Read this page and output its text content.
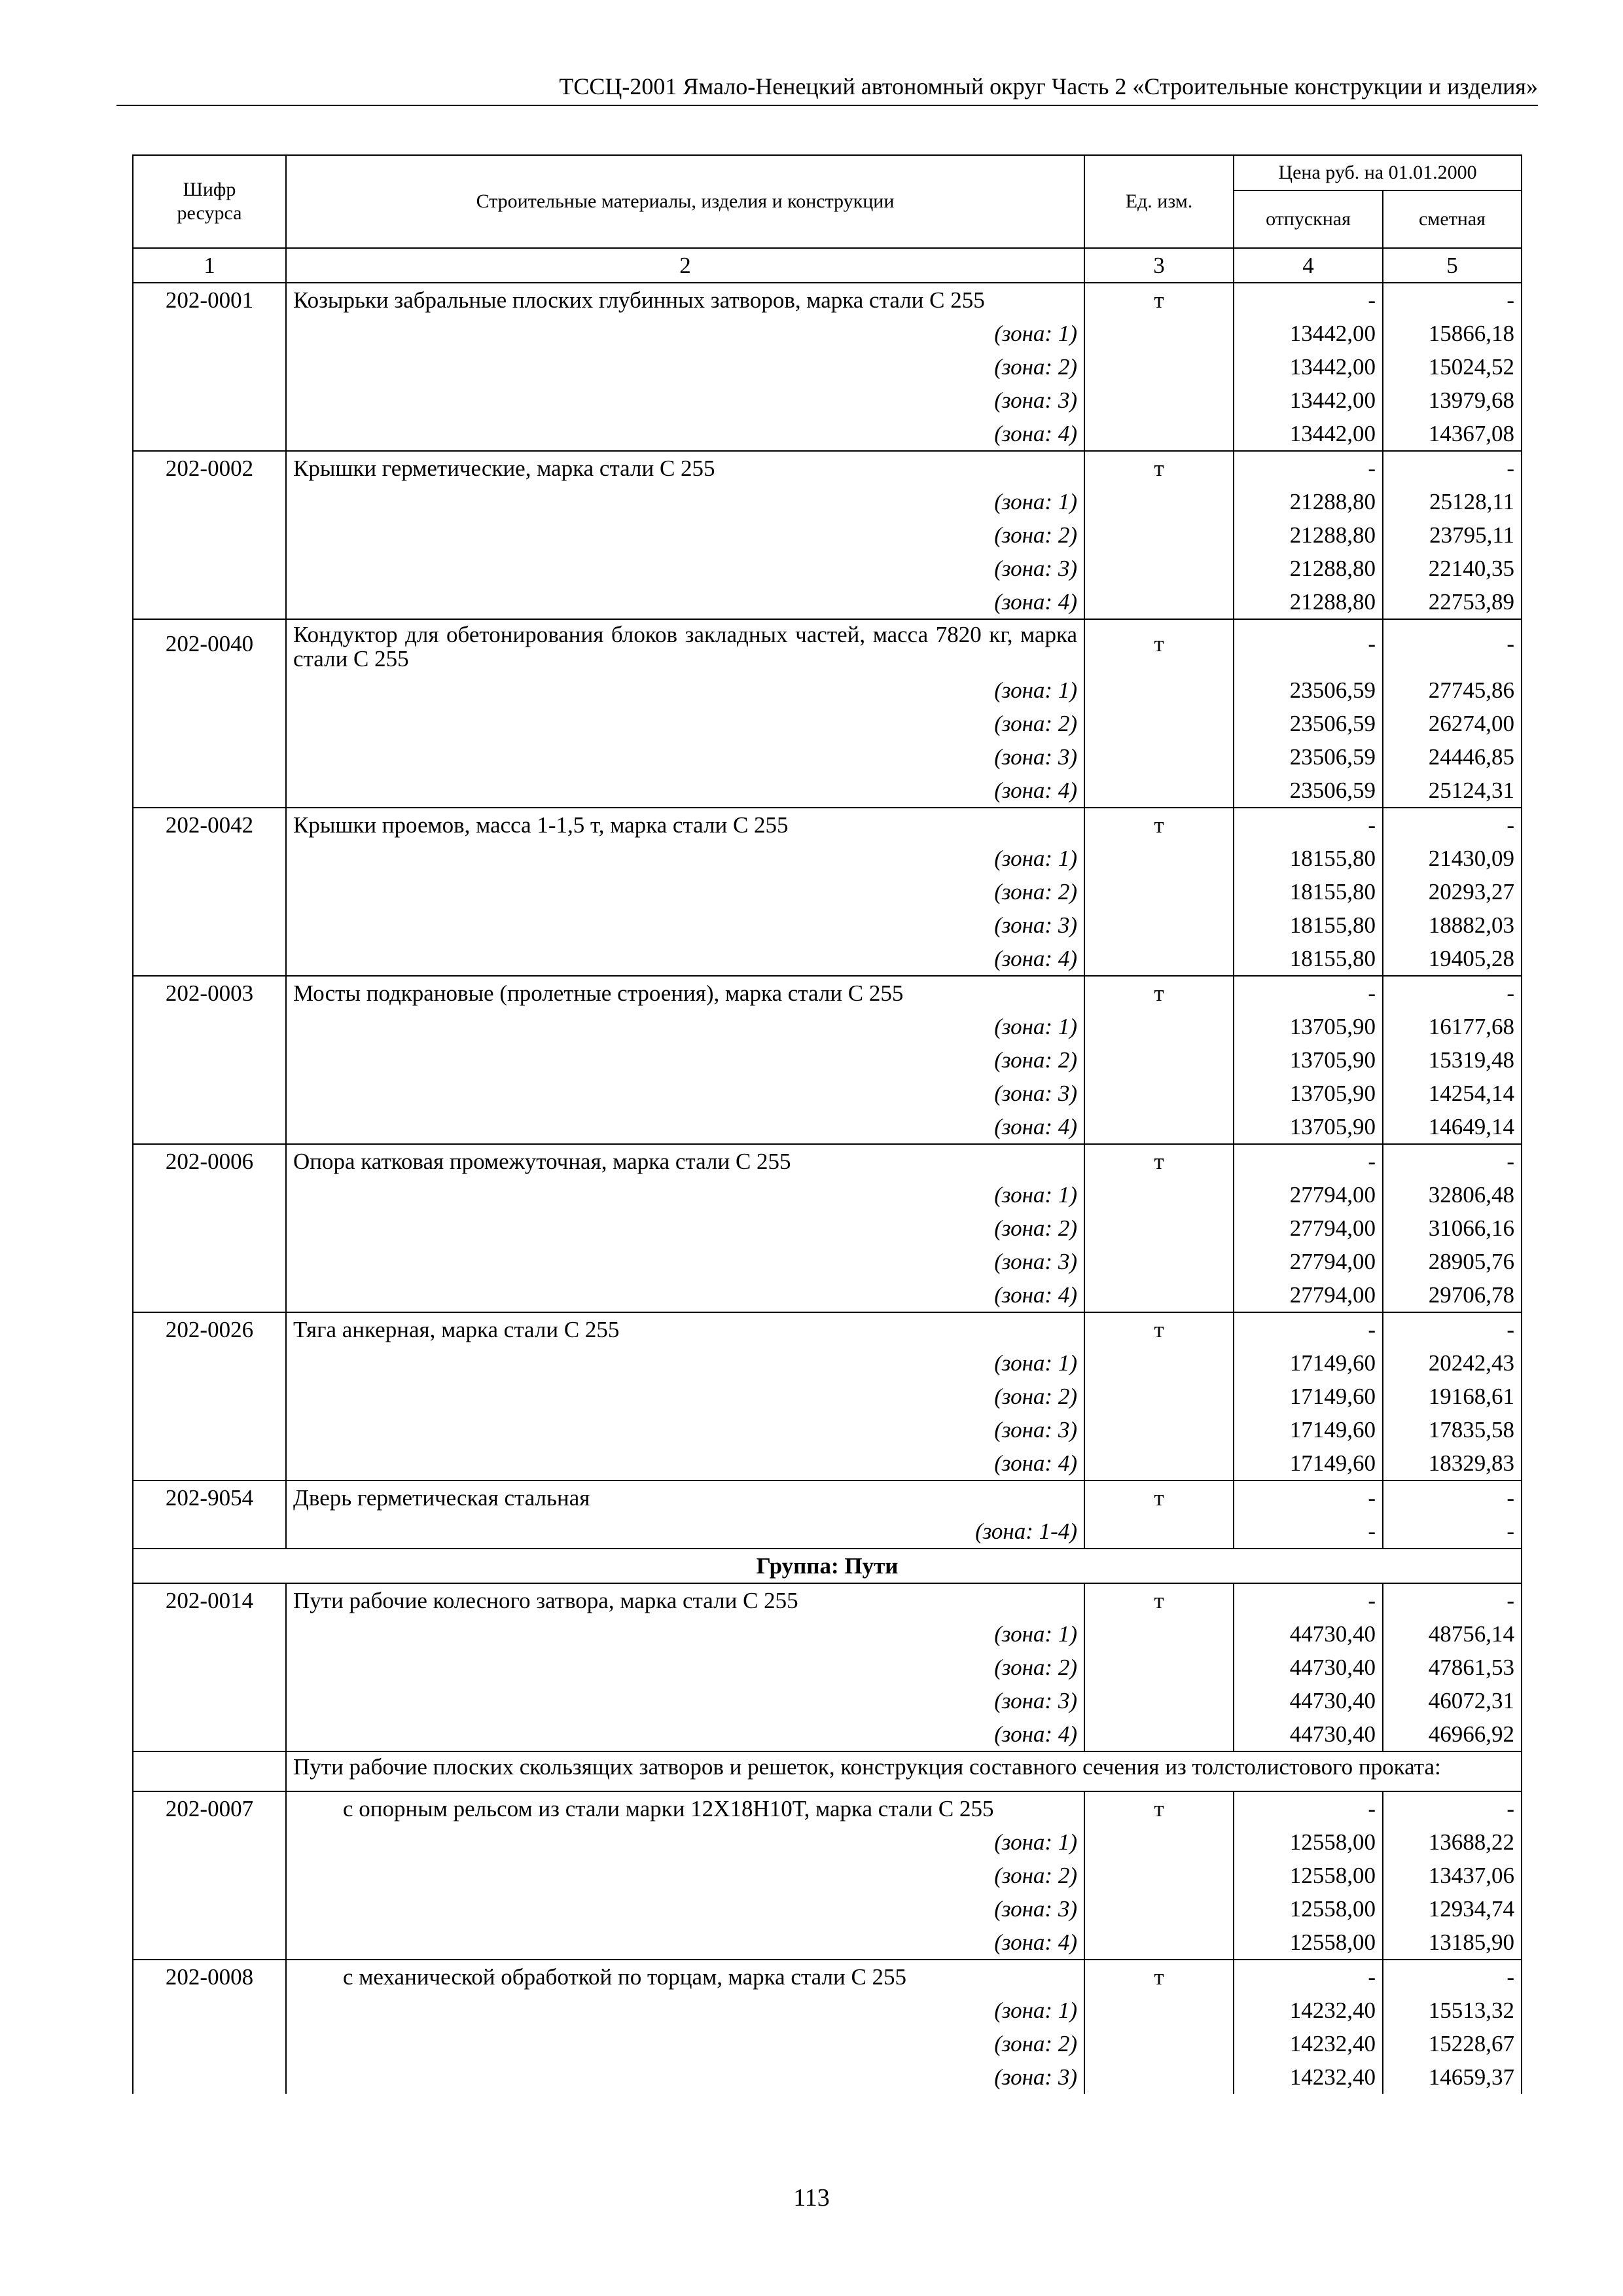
ТССЦ-2001 Ямало-Ненецкий автономный округ Часть 2 «Строительные конструкции и изделия»
Шифр ресурса	Строительные материалы, изделия и конструкции	Ед. изм.	Цена руб. на 01.01.2000	
			отпускная	сметная
1	2	3	4	5
202-0001	Козырьки забральные плоских глубинных затворов, марка стали С 255	т	-	-
	(зона: 1)		13442,00	15866,18
	(зона: 2)		13442,00	15024,52
	(зона: 3)		13442,00	13979,68
	(зона: 4)		13442,00	14367,08
202-0002	Крышки герметические, марка стали С 255	т	-	-
	(зона: 1)		21288,80	25128,11
	(зона: 2)		21288,80	23795,11
	(зона: 3)		21288,80	22140,35
	(зона: 4)		21288,80	22753,89
202-0040	Кондуктор для обетонирования блоков закладных частей, масса 7820 кг, марка стали С 255	т	-	-
	(зона: 1)		23506,59	27745,86
	(зона: 2)		23506,59	26274,00
	(зона: 3)		23506,59	24446,85
	(зона: 4)		23506,59	25124,31
202-0042	Крышки проемов, масса 1-1,5 т, марка стали С 255	т	-	-
	(зона: 1)		18155,80	21430,09
	(зона: 2)		18155,80	20293,27
	(зона: 3)		18155,80	18882,03
	(зона: 4)		18155,80	19405,28
202-0003	Мосты подкрановые (пролетные строения), марка стали С 255	т	-	-
	(зона: 1)		13705,90	16177,68
	(зона: 2)		13705,90	15319,48
	(зона: 3)		13705,90	14254,14
	(зона: 4)		13705,90	14649,14
202-0006	Опора катковая промежуточная, марка стали С 255	т	-	-
	(зона: 1)		27794,00	32806,48
	(зона: 2)		27794,00	31066,16
	(зона: 3)		27794,00	28905,76
	(зона: 4)		27794,00	29706,78
202-0026	Тяга анкерная, марка стали С 255	т	-	-
	(зона: 1)		17149,60	20242,43
	(зона: 2)		17149,60	19168,61
	(зона: 3)		17149,60	17835,58
	(зона: 4)		17149,60	18329,83
202-9054	Дверь герметическая стальная	т	-	-
	(зона: 1-4)		-	-
Группа: Пути				
202-0014	Пути рабочие колесного затвора, марка стали С 255	т	-	-
	(зона: 1)		44730,40	48756,14
	(зона: 2)		44730,40	47861,53
	(зона: 3)		44730,40	46072,31
	(зона: 4)		44730,40	46966,92
	Пути рабочие плоских скользящих затворов и решеток, конструкция составного сечения из толстолистового проката:			
202-0007	с опорным рельсом из стали марки 12Х18Н10Т, марка стали С 255	т	-	-
	(зона: 1)		12558,00	13688,22
	(зона: 2)		12558,00	13437,06
	(зона: 3)		12558,00	12934,74
	(зона: 4)		12558,00	13185,90
202-0008	с механической обработкой по торцам, марка стали С 255	т	-	-
	(зона: 1)		14232,40	15513,32
	(зона: 2)		14232,40	15228,67
	(зона: 3)		14232,40	14659,37
113
